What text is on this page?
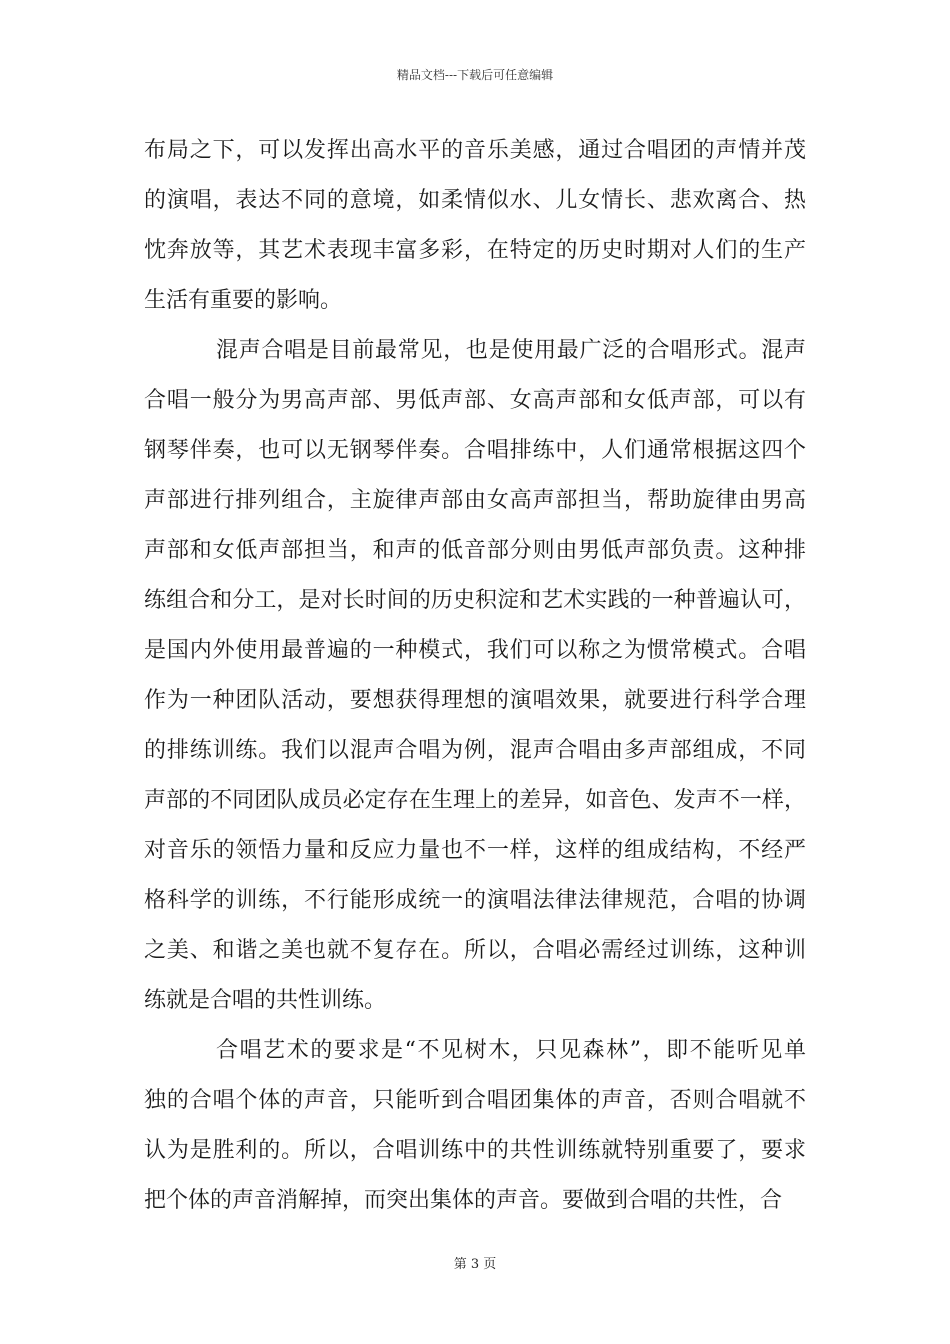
精品文档---下载后可任意编辑
布局之下，可以发挥出高水平的音乐美感，通过合唱团的声情并茂
的演唱，表达不同的意境，如柔情似水、儿女情长、悲欢离合、热
忱奔放等，其艺术表现丰富多彩，在特定的历史时期对人们的生产
生活有重要的影响。
混声合唱是目前最常见，也是使用最广泛的合唱形式。混声
合唱一般分为男高声部、男低声部、女高声部和女低声部，可以有
钢琴伴奏，也可以无钢琴伴奏。合唱排练中，人们通常根据这四个
声部进行排列组合，主旋律声部由女高声部担当，帮助旋律由男高
声部和女低声部担当，和声的低音部分则由男低声部负责。这种排
练组合和分工，是对长时间的历史积淀和艺术实践的一种普遍认可，
是国内外使用最普遍的一种模式，我们可以称之为惯常模式。合唱
作为一种团队活动，要想获得理想的演唱效果，就要进行科学合理
的排练训练。我们以混声合唱为例，混声合唱由多声部组成，不同
声部的不同团队成员必定存在生理上的差异，如音色、发声不一样，
对音乐的领悟力量和反应力量也不一样，这样的组成结构，不经严
格科学的训练，不行能形成统一的演唱法律法律规范，合唱的协调
之美、和谐之美也就不复存在。所以，合唱必需经过训练，这种训
练就是合唱的共性训练。
合唱艺术的要求是“不见树木，只见森林”，即不能听见单
独的合唱个体的声音，只能听到合唱团集体的声音，否则合唱就不
认为是胜利的。所以，合唱训练中的共性训练就特别重要了，要求
把个体的声音消解掉，而突出集体的声音。要做到合唱的共性，合
第 3 页
